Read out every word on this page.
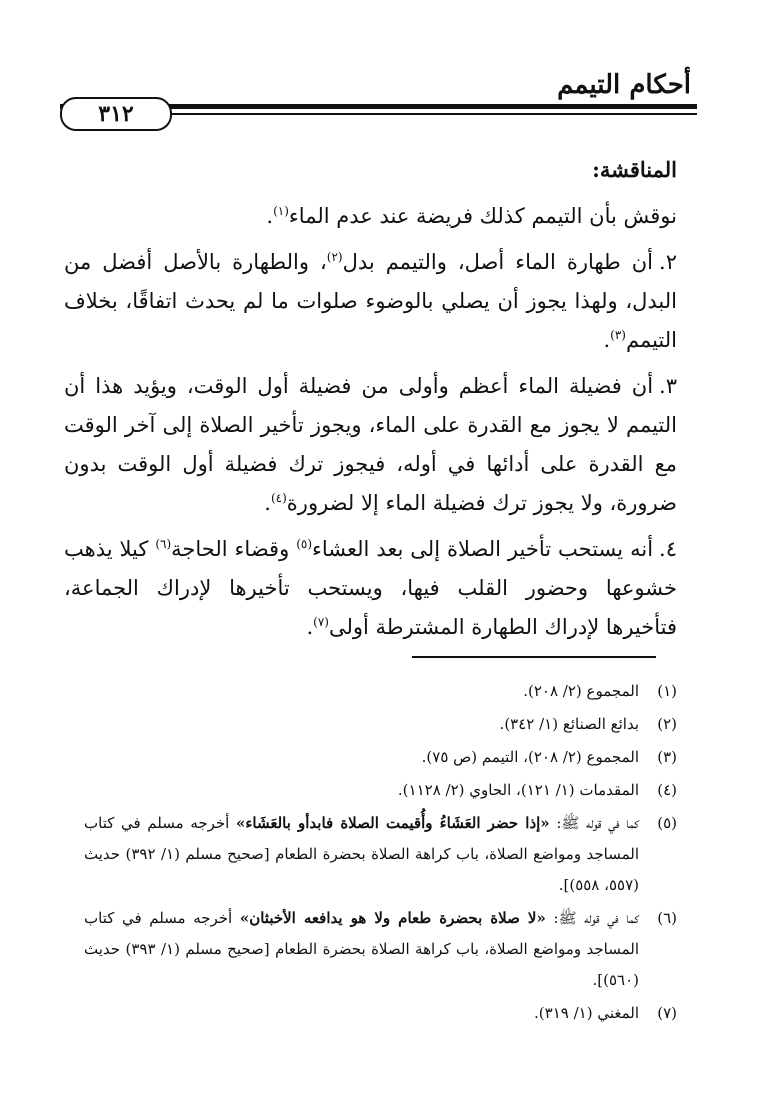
أحكام التيمم
٣١٢

المناقشة:

نوقش بأن التيمم كذلك فريضة عند عدم الماء$^{(١)}$.

٢.أن طهارة الماء أصل، والتيمم بدل$^{(٢)}$، والطهارة بالأصل أفضل من البدل، ولهذا يجوز أن يصلي بالوضوء صلوات ما لم يحدث اتفاقًا، بخلاف التيمم$^{(٣)}$.

٣.أن فضيلة الماء أعظم وأولى من فضيلة أول الوقت، ويؤيد هذا أن التيمم لا يجوز مع القدرة على الماء، ويجوز تأخير الصلاة إلى آخر الوقت مع القدرة على أدائها في أوله، فيجوز ترك فضيلة أول الوقت بدون ضرورة، ولا يجوز ترك فضيلة الماء إلا لضرورة$^{(٤)}$.

٤.أنه يستحب تأخير الصلاة إلى بعد العشاء$^{(٥)}$ وقضاء الحاجة$^{(٦)}$ كيلا يذهب خشوعها وحضور القلب فيها، ويستحب تأخيرها لإدراك الجماعة، فتأخيرها لإدراك الطهارة المشترطة أولى$^{(٧)}$.

(١)
المجموع (٢/ ٢٠٨).
(٢)
بدائع الصنائع (١/ ٣٤٢).
(٣)
المجموع (٢/ ٢٠٨)، التيمم (ص ٧٥).
(٤)
المقدمات (١/ ١٢١)، الحاوي (٢/ ١١٢٨).
(٥)
كما في قوله ﷺ: «إذا حضر العَشَاءُ وأُقيمت الصلاة فابدأو بالعَشَاء» أخرجه مسلم في كتاب المساجد ومواضع الصلاة، باب كراهة الصلاة بحضرة الطعام [صحيح مسلم (١/ ٣٩٢) حديث (٥٥٧، ٥٥٨)].
(٦)
كما في قوله ﷺ: «لا صلاة بحضرة طعام ولا هو يدافعه الأخبثان» أخرجه مسلم في كتاب المساجد ومواضع الصلاة، باب كراهة الصلاة بحضرة الطعام [صحيح مسلم (١/ ٣٩٣) حديث (٥٦٠)].
(٧)
المغني (١/ ٣١٩).
